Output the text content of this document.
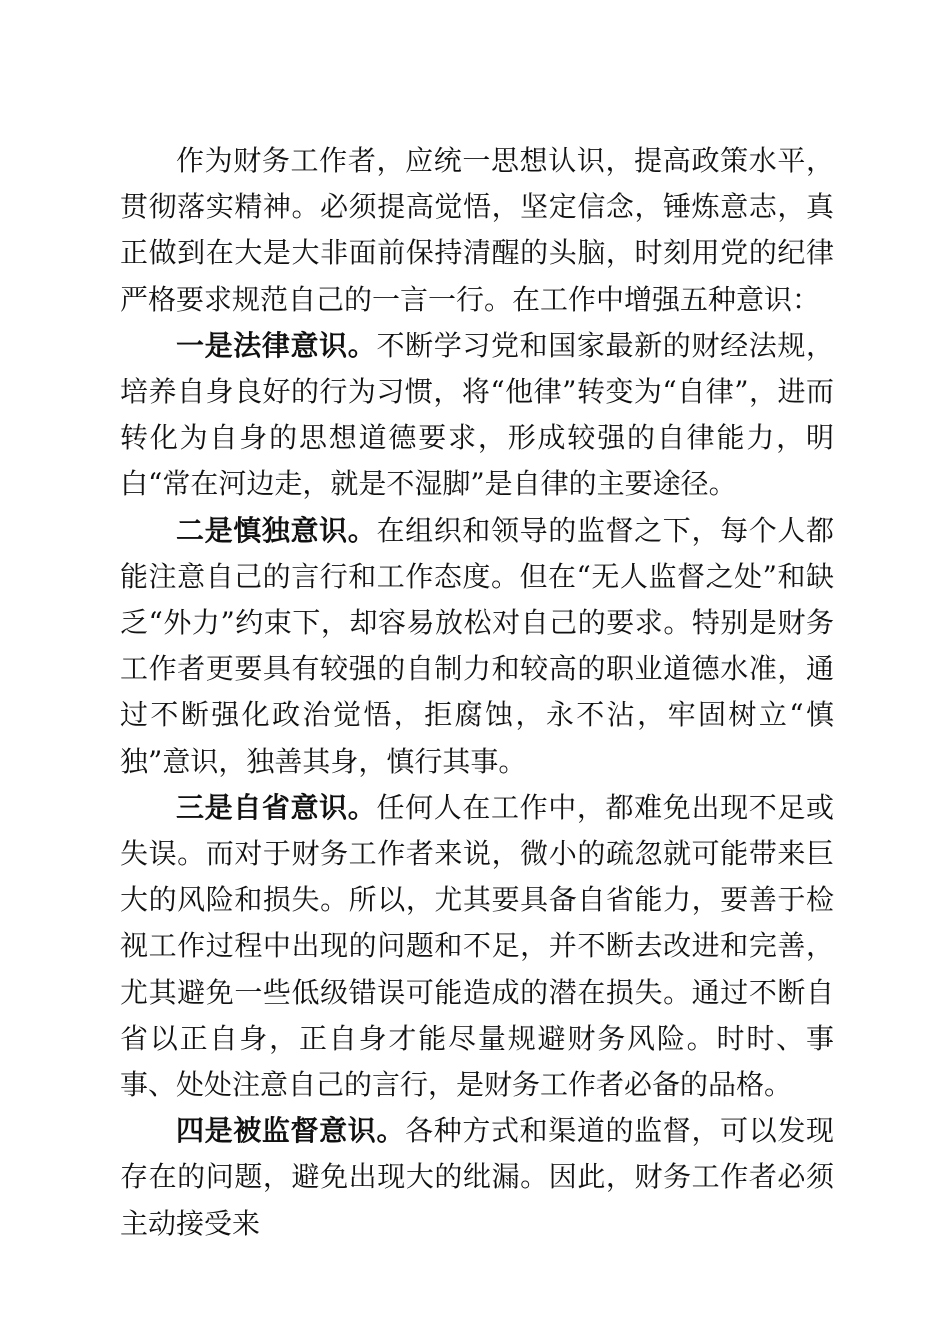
作为财务工作者，应统一思想认识，提高政策水平，贯彻落实精神。必须提高觉悟，坚定信念，锤炼意志，真正做到在大是大非面前保持清醒的头脑，时刻用党的纪律严格要求规范自己的一言一行。在工作中增强五种意识：

一是法律意识。不断学习党和国家最新的财经法规，培养自身良好的行为习惯，将“他律”转变为“自律”，进而转化为自身的思想道德要求，形成较强的自律能力，明白“常在河边走，就是不湿脚”是自律的主要途径。

二是慎独意识。在组织和领导的监督之下，每个人都能注意自己的言行和工作态度。但在“无人监督之处”和缺乏“外力”约束下，却容易放松对自己的要求。特别是财务工作者更要具有较强的自制力和较高的职业道德水准，通过不断强化政治觉悟，拒腐蚀，永不沾，牢固树立“慎独”意识，独善其身，慎行其事。

三是自省意识。任何人在工作中，都难免出现不足或失误。而对于财务工作者来说，微小的疏忽就可能带来巨大的风险和损失。所以，尤其要具备自省能力，要善于检视工作过程中出现的问题和不足，并不断去改进和完善，尤其避免一些低级错误可能造成的潜在损失。通过不断自省以正自身，正自身才能尽量规避财务风险。时时、事事、处处注意自己的言行，是财务工作者必备的品格。

四是被监督意识。各种方式和渠道的监督，可以发现存在的问题，避免出现大的纰漏。因此，财务工作者必须主动接受来
